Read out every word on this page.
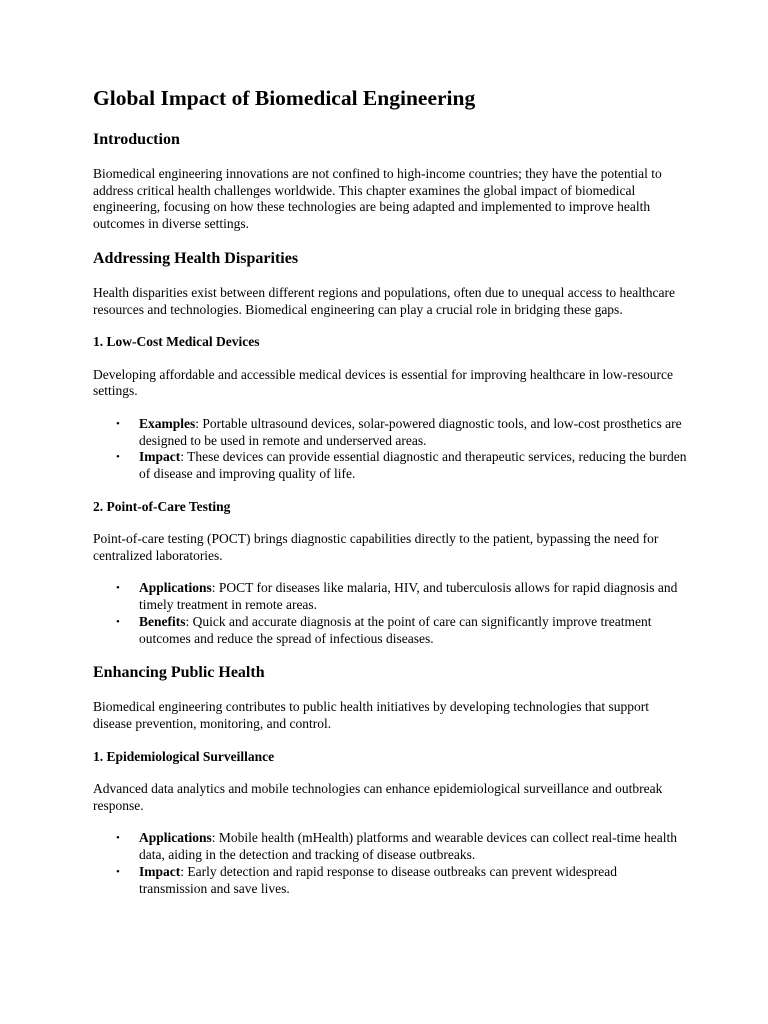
Global Impact of Biomedical Engineering
Introduction

Biomedical engineering innovations are not confined to high-income countries; they have the potential to address critical health challenges worldwide. This chapter examines the global impact of biomedical engineering, focusing on how these technologies are being adapted and implemented to improve health outcomes in diverse settings.

Addressing Health Disparities

Health disparities exist between different regions and populations, often due to unequal access to healthcare resources and technologies. Biomedical engineering can play a crucial role in bridging these gaps.

1. Low-Cost Medical Devices

Developing affordable and accessible medical devices is essential for improving healthcare in low-resource settings.

• Examples: Portable ultrasound devices, solar-powered diagnostic tools, and low-cost prosthetics are designed to be used in remote and underserved areas.
• Impact: These devices can provide essential diagnostic and therapeutic services, reducing the burden of disease and improving quality of life.
2. Point-of-Care Testing

Point-of-care testing (POCT) brings diagnostic capabilities directly to the patient, bypassing the need for centralized laboratories.

• Applications: POCT for diseases like malaria, HIV, and tuberculosis allows for rapid diagnosis and timely treatment in remote areas.
• Benefits: Quick and accurate diagnosis at the point of care can significantly improve treatment outcomes and reduce the spread of infectious diseases.
Enhancing Public Health

Biomedical engineering contributes to public health initiatives by developing technologies that support disease prevention, monitoring, and control.

1. Epidemiological Surveillance

Advanced data analytics and mobile technologies can enhance epidemiological surveillance and outbreak response.

• Applications: Mobile health (mHealth) platforms and wearable devices can collect real-time health data, aiding in the detection and tracking of disease outbreaks.
• Impact: Early detection and rapid response to disease outbreaks can prevent widespread transmission and save lives.
